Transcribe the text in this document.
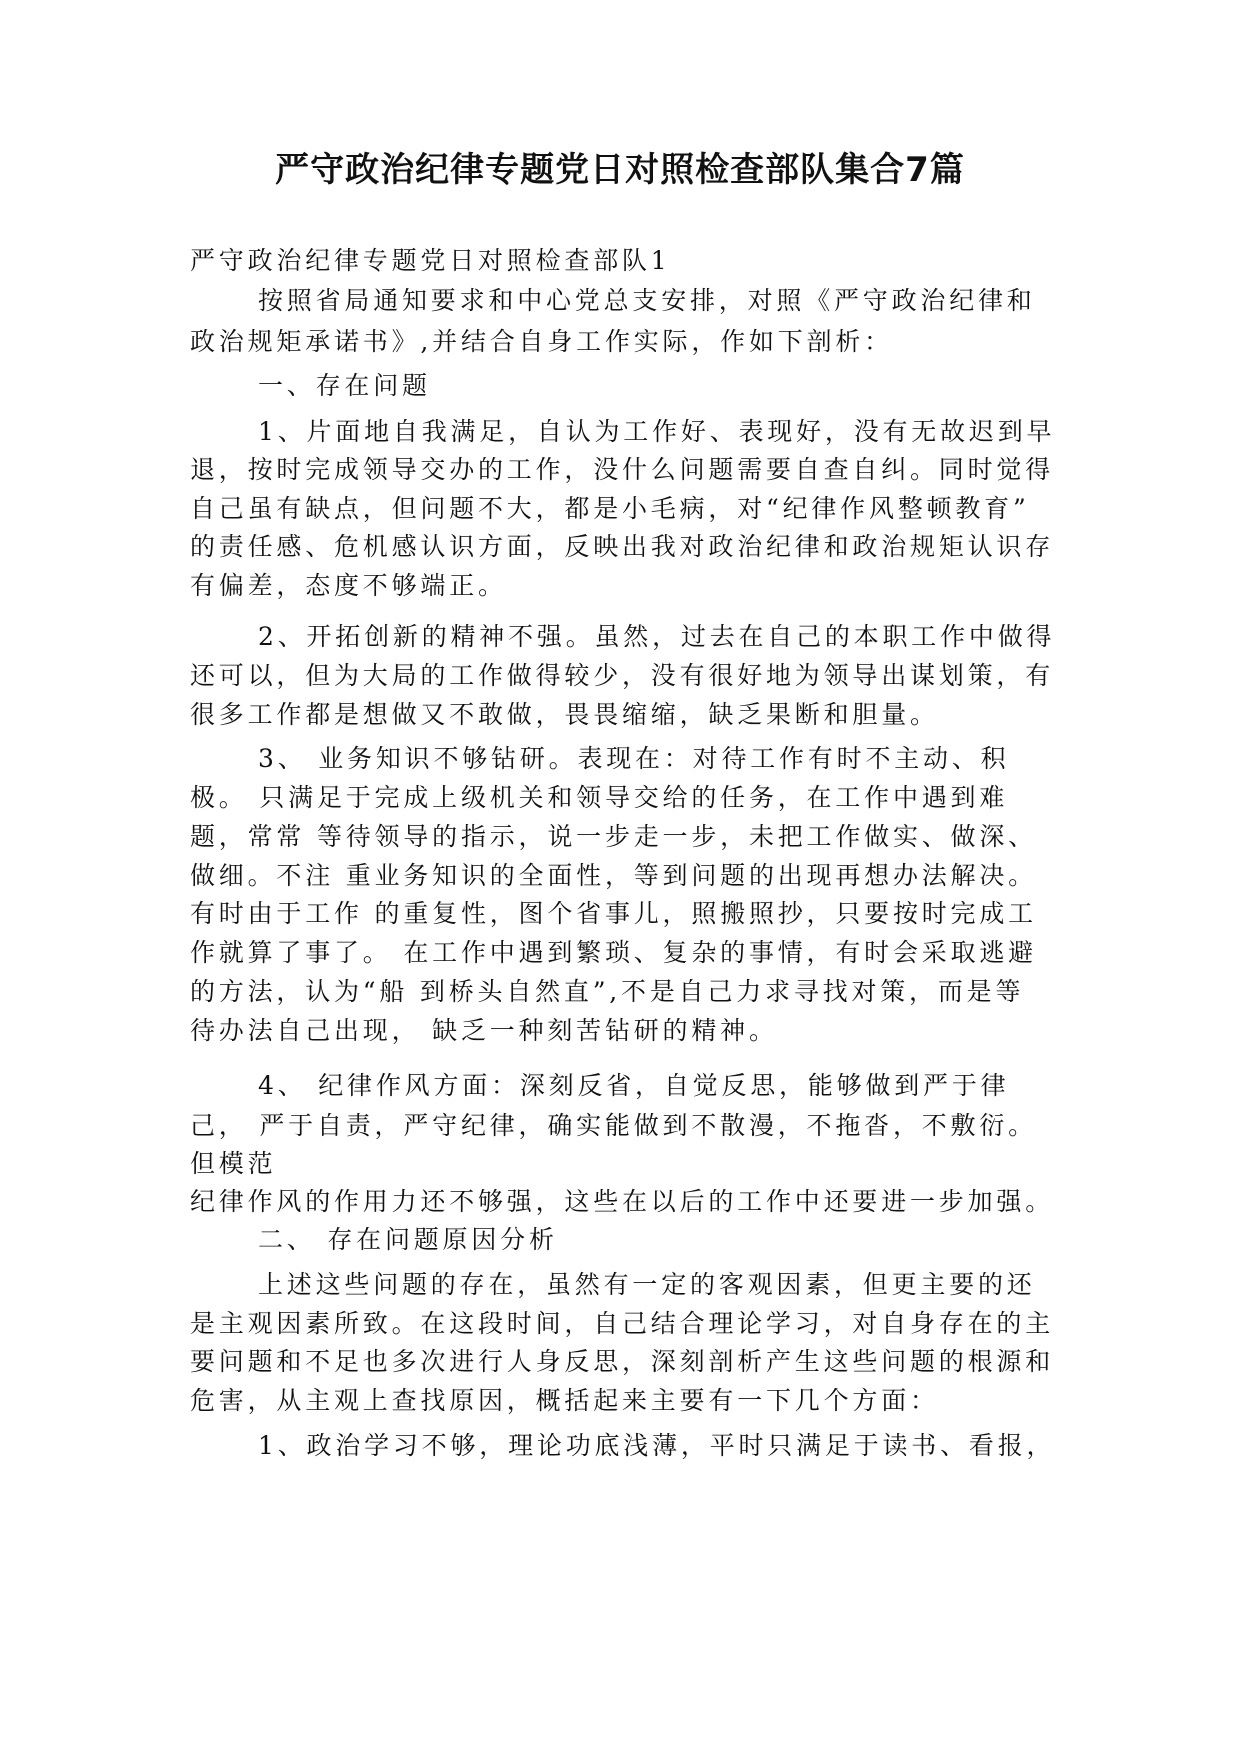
严守政治纪律专题党日对照检查部队集合7篇

严守政治纪律专题党日对照检查部队1

按照省局通知要求和中心党总支安排，对照《严守政治纪律和

政治规矩承诺书》,并结合自身工作实际，作如下剖析：

一、存在问题

1、片面地自我满足，自认为工作好、表现好，没有无故迟到早

退，按时完成领导交办的工作，没什么问题需要自查自纠。同时觉得

自己虽有缺点，但问题不大，都是小毛病，对“纪律作风整顿教育”

的责任感、危机感认识方面，反映出我对政治纪律和政治规矩认识存

有偏差，态度不够端正。

2、开拓创新的精神不强。虽然，过去在自己的本职工作中做得

还可以，但为大局的工作做得较少，没有很好地为领导出谋划策，有

很多工作都是想做又不敢做，畏畏缩缩，缺乏果断和胆量。

3、 业务知识不够钻研。表现在：对待工作有时不主动、积

极。 只满足于完成上级机关和领导交给的任务，在工作中遇到难

题，常常 等待领导的指示，说一步走一步，未把工作做实、做深、

做细。不注 重业务知识的全面性，等到问题的出现再想办法解决。

有时由于工作 的重复性，图个省事儿，照搬照抄，只要按时完成工

作就算了事了。 在工作中遇到繁琐、复杂的事情，有时会采取逃避

的方法，认为“船 到桥头自然直”,不是自己力求寻找对策，而是等

待办法自己出现， 缺乏一种刻苦钻研的精神。

4、 纪律作风方面：深刻反省，自觉反思，能够做到严于律

己， 严于自责，严守纪律，确实能做到不散漫，不拖沓，不敷衍。

但模范

纪律作风的作用力还不够强，这些在以后的工作中还要进一步加强。

二、 存在问题原因分析

上述这些问题的存在，虽然有一定的客观因素，但更主要的还

是主观因素所致。在这段时间，自己结合理论学习，对自身存在的主

要问题和不足也多次进行人身反思，深刻剖析产生这些问题的根源和

危害，从主观上查找原因，概括起来主要有一下几个方面：

1、政治学习不够，理论功底浅薄，平时只满足于读书、看报，
